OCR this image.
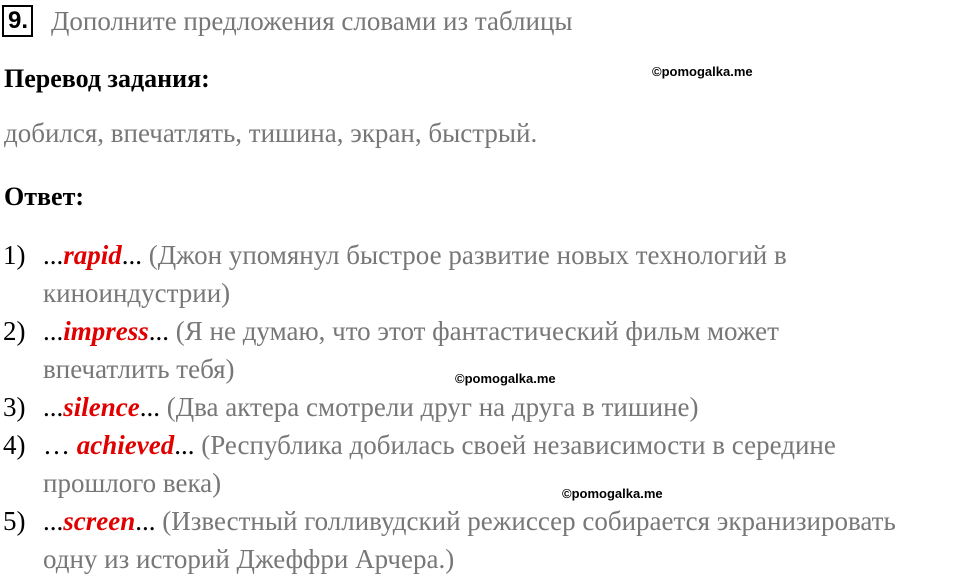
9. Дополните предложения словами из таблицы
Перевод задания:	©pomogalka.me
добился, впечатлять, тишина, экран, быстрый.
Ответ:
1) ...rapid... (Джон упомянул быстрое развитие новых технологий в
киноиндустрии)
2) ...impress... (Я не думаю, что этот фантастический фильм может
впечатлить тебя)
3) ...silence... (Два актера смотрели друг на друга в тишине)
4) … achieved... (Республика добилась своей независимости в середине
прошлого века)
5) ...screen... (Известный голливудский режиссер собирается экранизировать
одну из историй Джеффри Арчера.)
©pomogalka.me
©pomogalka.me
